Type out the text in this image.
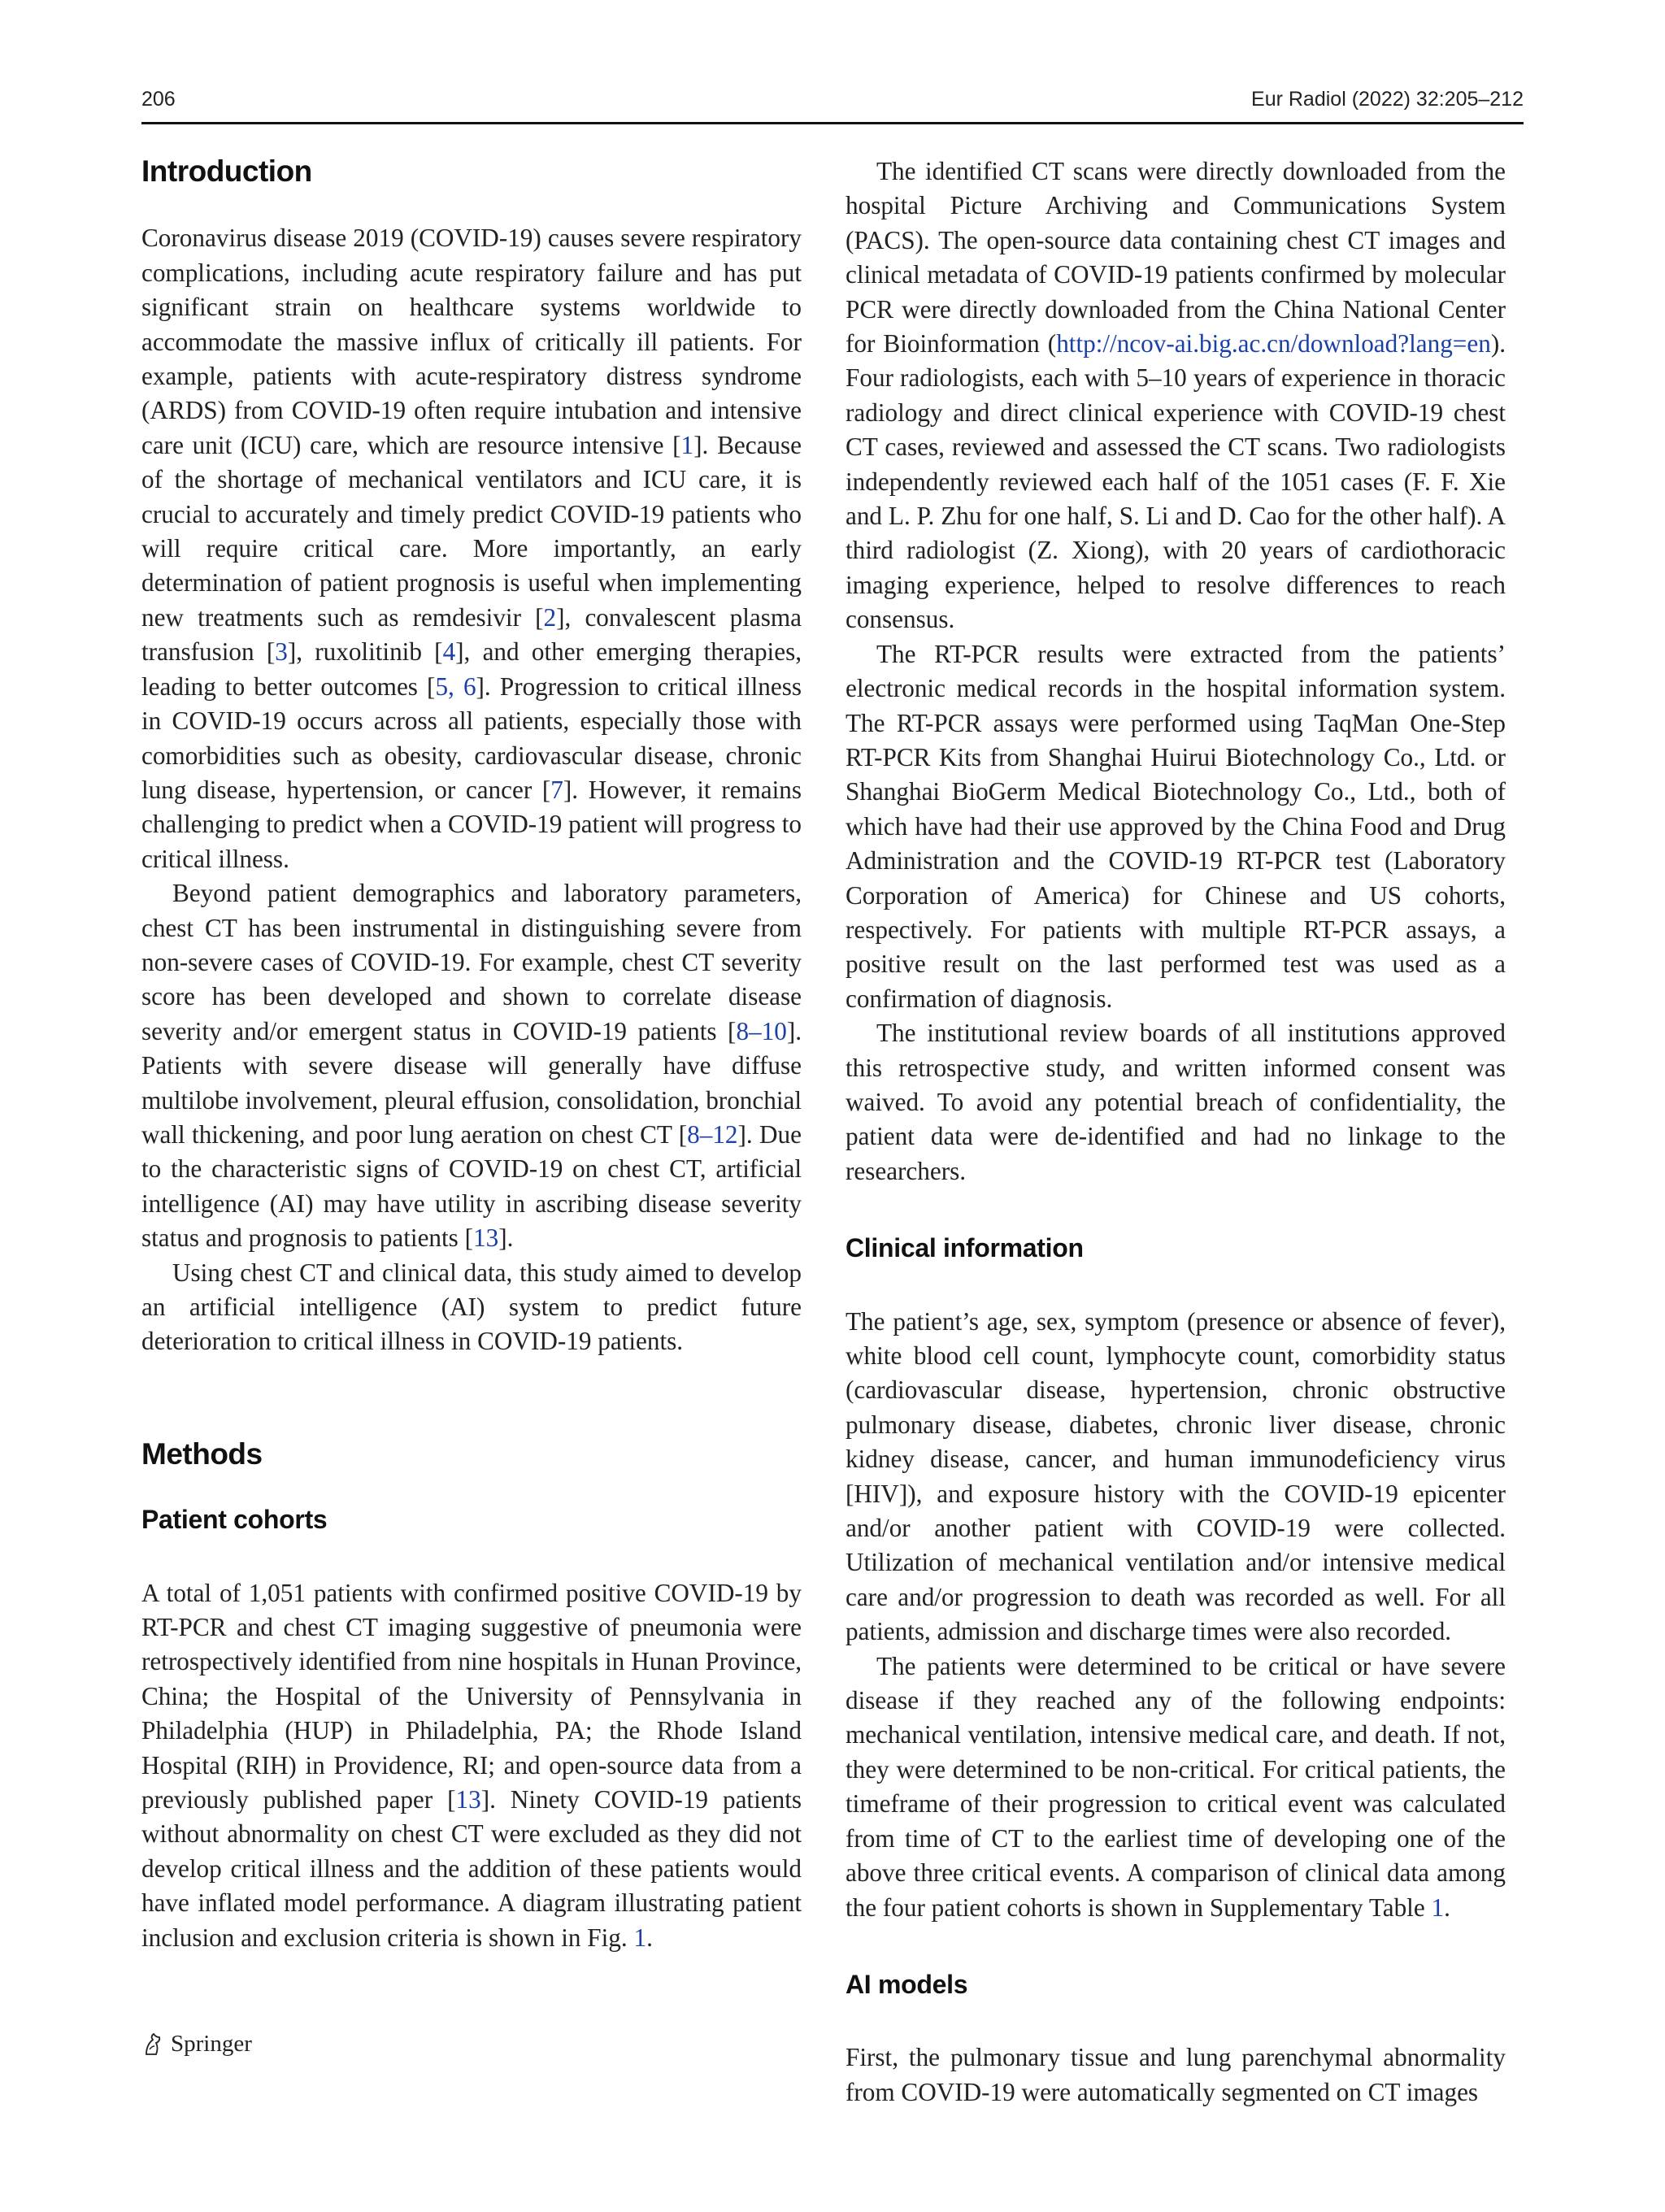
206	Eur Radiol (2022) 32:205–212
Introduction

Coronavirus disease 2019 (COVID-19) causes severe respiratory complications, including acute respiratory failure and has put significant strain on healthcare systems worldwide to accommodate the massive influx of critically ill patients. For example, patients with acute-respiratory distress syndrome (ARDS) from COVID-19 often require intubation and intensive care unit (ICU) care, which are resource intensive [1]. Because of the shortage of mechanical ventilators and ICU care, it is crucial to accurately and timely predict COVID-19 patients who will require critical care. More importantly, an early determination of patient prognosis is useful when implementing new treatments such as remdesivir [2], convalescent plasma transfusion [3], ruxolitinib [4], and other emerging therapies, leading to better outcomes [5, 6]. Progression to critical illness in COVID-19 occurs across all patients, especially those with comorbidities such as obesity, cardiovascular disease, chronic lung disease, hypertension, or cancer [7]. However, it remains challenging to predict when a COVID-19 patient will progress to critical illness.

Beyond patient demographics and laboratory parameters, chest CT has been instrumental in distinguishing severe from non-severe cases of COVID-19. For example, chest CT severity score has been developed and shown to correlate disease severity and/or emergent status in COVID-19 patients [8–10]. Patients with severe disease will generally have diffuse multilobe involvement, pleural effusion, consolidation, bronchial wall thickening, and poor lung aeration on chest CT [8–12]. Due to the characteristic signs of COVID-19 on chest CT, artificial intelligence (AI) may have utility in ascribing disease severity status and prognosis to patients [13].

Using chest CT and clinical data, this study aimed to develop an artificial intelligence (AI) system to predict future deterioration to critical illness in COVID-19 patients.

Methods
Patient cohorts

A total of 1,051 patients with confirmed positive COVID-19 by RT-PCR and chest CT imaging suggestive of pneumonia were retrospectively identified from nine hospitals in Hunan Province, China; the Hospital of the University of Pennsylvania in Philadelphia (HUP) in Philadelphia, PA; the Rhode Island Hospital (RIH) in Providence, RI; and open-source data from a previously published paper [13]. Ninety COVID-19 patients without abnormality on chest CT were excluded as they did not develop critical illness and the addition of these patients would have inflated model performance. A diagram illustrating patient inclusion and exclusion criteria is shown in Fig. 1.

The identified CT scans were directly downloaded from the hospital Picture Archiving and Communications System (PACS). The open-source data containing chest CT images and clinical metadata of COVID-19 patients confirmed by molecular PCR were directly downloaded from the China National Center for Bioinformation (http://ncov-ai.big.ac.cn/download?lang=en). Four radiologists, each with 5–10 years of experience in thoracic radiology and direct clinical experience with COVID-19 chest CT cases, reviewed and assessed the CT scans. Two radiologists independently reviewed each half of the 1051 cases (F. F. Xie and L. P. Zhu for one half, S. Li and D. Cao for the other half). A third radiologist (Z. Xiong), with 20 years of cardiothoracic imaging experience, helped to resolve differences to reach consensus.

The RT-PCR results were extracted from the patients’ electronic medical records in the hospital information system. The RT-PCR assays were performed using TaqMan One-Step RT-PCR Kits from Shanghai Huirui Biotechnology Co., Ltd. or Shanghai BioGerm Medical Biotechnology Co., Ltd., both of which have had their use approved by the China Food and Drug Administration and the COVID-19 RT-PCR test (Laboratory Corporation of America) for Chinese and US cohorts, respectively. For patients with multiple RT-PCR assays, a positive result on the last performed test was used as a confirmation of diagnosis.

The institutional review boards of all institutions approved this retrospective study, and written informed consent was waived. To avoid any potential breach of confidentiality, the patient data were de-identified and had no linkage to the researchers.

Clinical information

The patient’s age, sex, symptom (presence or absence of fever), white blood cell count, lymphocyte count, comorbidity status (cardiovascular disease, hypertension, chronic obstructive pulmonary disease, diabetes, chronic liver disease, chronic kidney disease, cancer, and human immunodeficiency virus [HIV]), and exposure history with the COVID-19 epicenter and/or another patient with COVID-19 were collected. Utilization of mechanical ventilation and/or intensive medical care and/or progression to death was recorded as well. For all patients, admission and discharge times were also recorded.

The patients were determined to be critical or have severe disease if they reached any of the following endpoints: mechanical ventilation, intensive medical care, and death. If not, they were determined to be non-critical. For critical patients, the timeframe of their progression to critical event was calculated from time of CT to the earliest time of developing one of the above three critical events. A comparison of clinical data among the four patient cohorts is shown in Supplementary Table 1.

AI models

First, the pulmonary tissue and lung parenchymal abnormality from COVID-19 were automatically segmented on CT images

Springer
